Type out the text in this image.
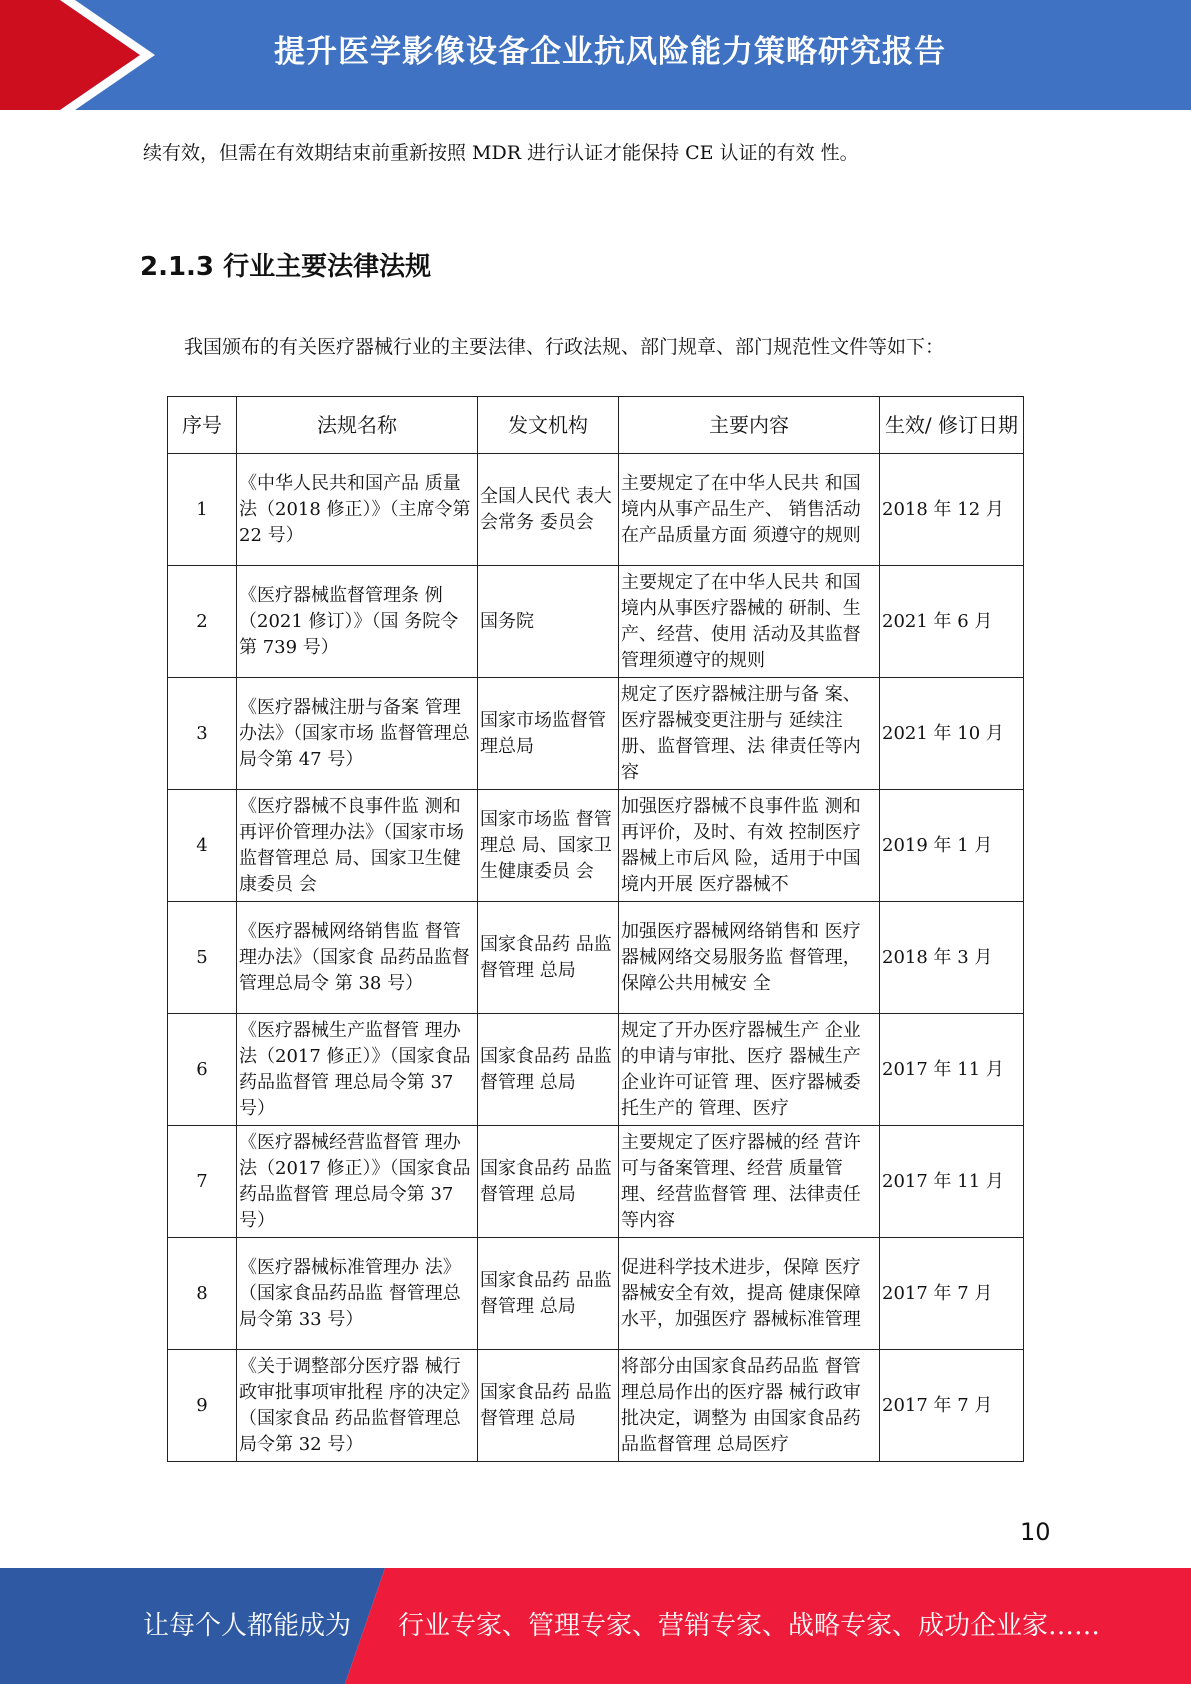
提升医学影像设备企业抗风险能力策略研究报告
续有效，但需在有效期结束前重新按照 MDR 进行认证才能保持 CE 认证的有效 性。
2.1.3 行业主要法律法规
我国颁布的有关医疗器械行业的主要法律、行政法规、部门规章、部门规范性文件等如下：
序号	法规名称	发文机构	主要内容	生效/ 修订日期
1	《中华人民共和国产品 质量法（2018 修正）》（主席令第 22 号）	全国人民代 表大会常务 委员会	主要规定了在中华人民共 和国境内从事产品生产、 销售活动在产品质量方面 须遵守的规则	2018 年 12 月
2	《医疗器械监督管理条 例（2021 修订）》（国 务院令第 739 号）	国务院	主要规定了在中华人民共 和国境内从事医疗器械的 研制、生产、经营、使用 活动及其监督管理须遵守的规则	2021 年 6 月
3	《医疗器械注册与备案 管理办法》（国家市场 监督管理总局令第 47 号）	国家市场监督管理总局	规定了医疗器械注册与备 案、医疗器械变更注册与 延续注册、监督管理、法 律责任等内容	2021 年 10 月
4	《医疗器械不良事件监 测和再评价管理办法》（国家市场监督管理总 局、国家卫生健康委员 会	国家市场监 督管理总 局、国家卫 生健康委员 会	加强医疗器械不良事件监 测和再评价，及时、有效 控制医疗器械上市后风 险，适用于中国境内开展 医疗器械不	2019 年 1 月
5	《医疗器械网络销售监 督管理办法》（国家食 品药品监督管理总局令 第 38 号）	国家食品药 品监督管理 总局	加强医疗器械网络销售和 医疗器械网络交易服务监 督管理，保障公共用械安 全	2018 年 3 月
6	《医疗器械生产监督管 理办法（2017 修正）》（国家食品药品监督管 理总局令第 37 号）	国家食品药 品监督管理 总局	规定了开办医疗器械生产 企业的申请与审批、医疗 器械生产企业许可证管 理、医疗器械委托生产的 管理、医疗	2017 年 11 月
7	《医疗器械经营监督管 理办法（2017 修正）》（国家食品药品监督管 理总局令第 37 号）	国家食品药 品监督管理 总局	主要规定了医疗器械的经 营许可与备案管理、经营 质量管理、经营监督管 理、法律责任等内容	2017 年 11 月
8	《医疗器械标准管理办 法》（国家食品药品监 督管理总局令第 33 号）	国家食品药 品监督管理 总局	促进科学技术进步，保障 医疗器械安全有效，提高 健康保障水平，加强医疗 器械标准管理	2017 年 7 月
9	《关于调整部分医疗器 械行政审批事项审批程 序的决定》（国家食品 药品监督管理总局令第 32 号）	国家食品药 品监督管理 总局	将部分由国家食品药品监 督管理总局作出的医疗器 械行政审批决定，调整为 由国家食品药品监督管理 总局医疗	2017 年 7 月
10
让每个人都能成为 行业专家、管理专家、营销专家、战略专家、成功企业家……
